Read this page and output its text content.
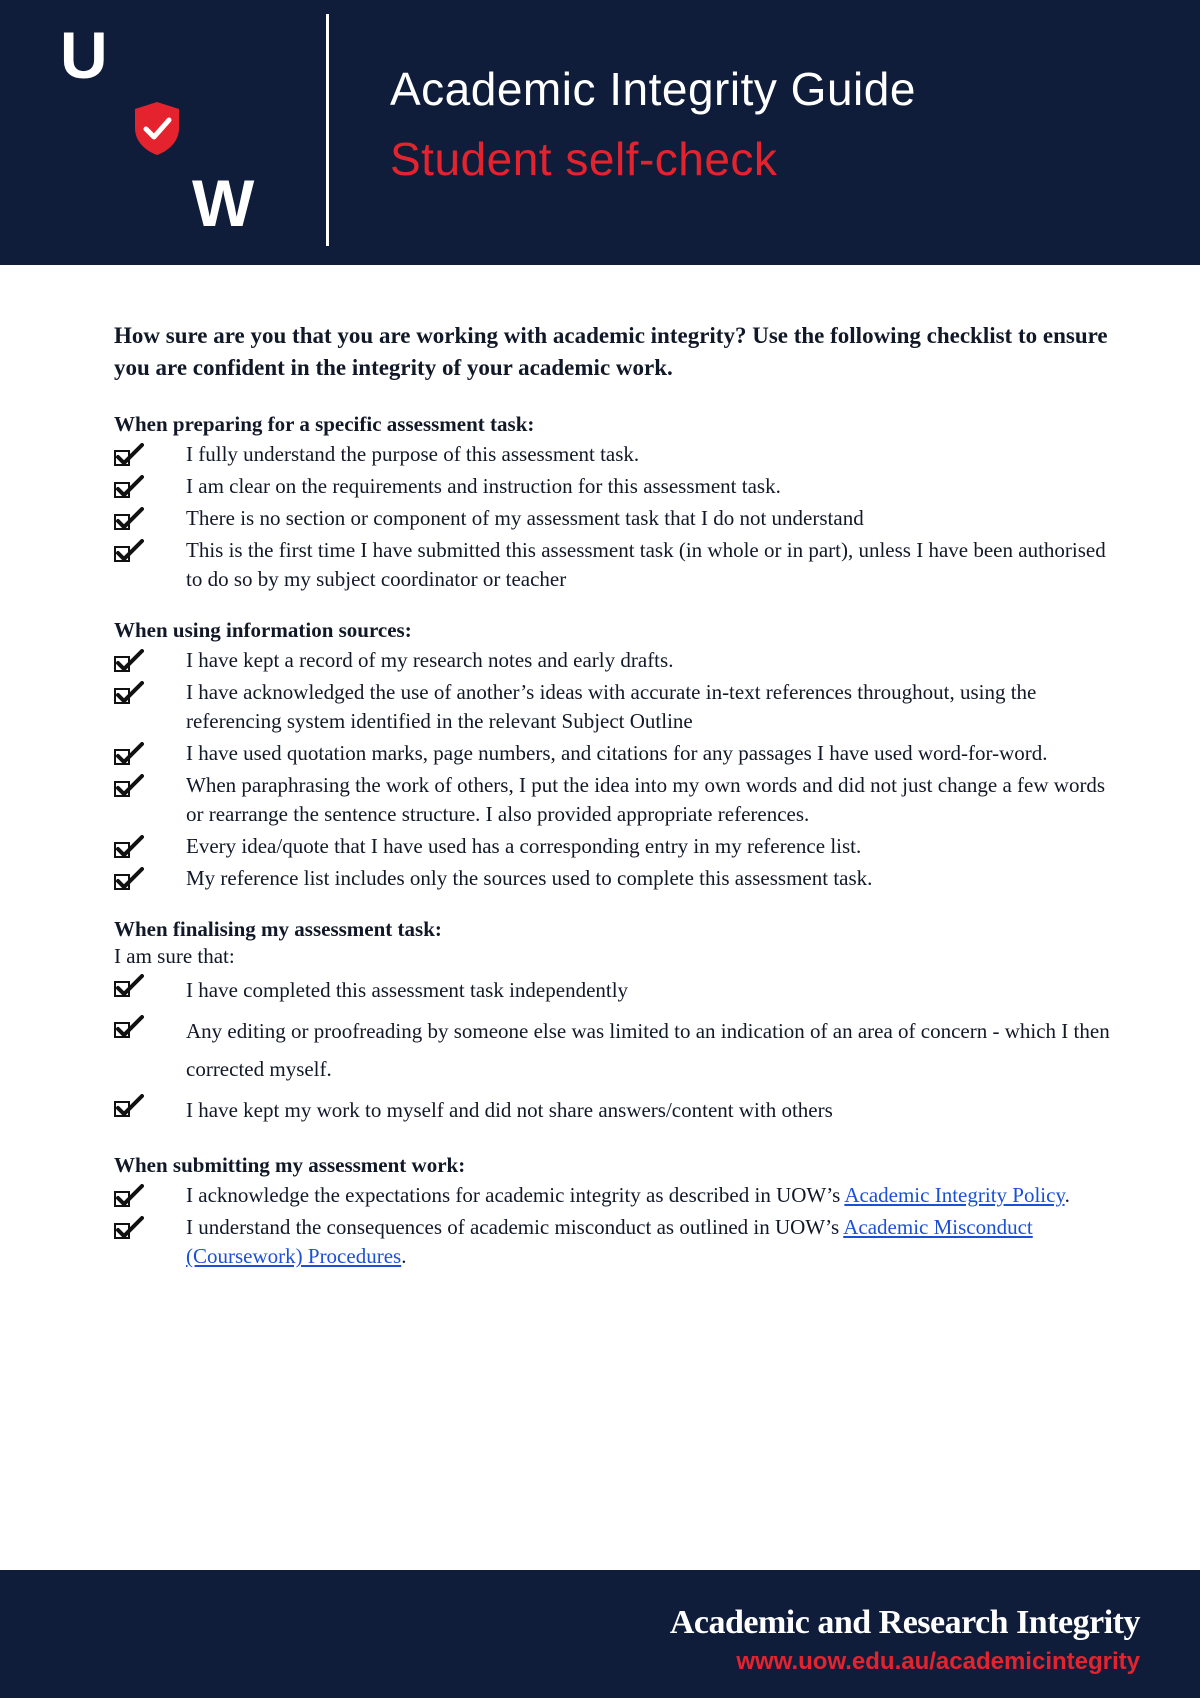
U
W
Academic Integrity Guide
Student self-check

How sure are you that you are working with academic integrity? Use the following checklist to ensure you are confident in the integrity of your academic work.

When preparing for a specific assessment task:

I fully understand the purpose of this assessment task.
I am clear on the requirements and instruction for this assessment task.
There is no section or component of my assessment task that I do not understand
This is the first time I have submitted this assessment task (in whole or in part), unless I have been authorised to do so by my subject coordinator or teacher

When using information sources:

I have kept a record of my research notes and early drafts.
I have acknowledged the use of another’s ideas with accurate in-text references throughout, using the referencing system identified in the relevant Subject Outline
I have used quotation marks, page numbers, and citations for any passages I have used word-for-word.
When paraphrasing the work of others, I put the idea into my own words and did not just change a few words or rearrange the sentence structure. I also provided appropriate references.
Every idea/quote that I have used has a corresponding entry in my reference list.
My reference list includes only the sources used to complete this assessment task.

When finalising my assessment task:

I am sure that:

I have completed this assessment task independently
Any editing or proofreading by someone else was limited to an indication of an area of concern - which I then corrected myself.
I have kept my work to myself and did not share answers/content with others

When submitting my assessment work:

I acknowledge the expectations for academic integrity as described in UOW’s Academic Integrity Policy.
I understand the consequences of academic misconduct as outlined in UOW’s Academic Misconduct (Coursework) Procedures.
Academic and Research Integrity
www.uow.edu.au/academicintegrity
